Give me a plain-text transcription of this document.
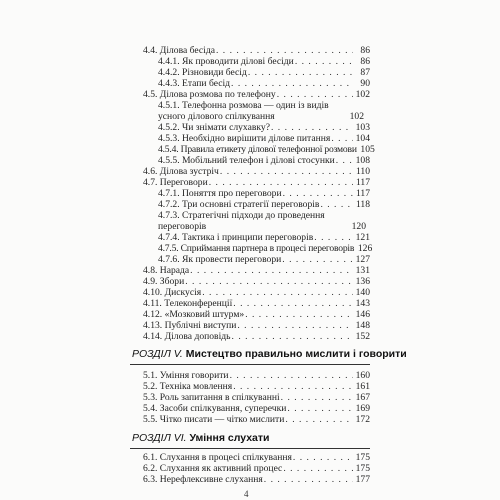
4.4. Ділова бесіда . . .	86
4.4.1. Як проводити ділові бесіди . . .	86
4.4.2. Різновиди бесід . . .	87
4.4.3. Етапи бесід . . .	90
4.5. Ділова розмова по телефону . . .	102
4.5.1. Телефонна розмова — один із видів усного ділового спілкування	102
4.5.2. Чи знімати слухавку? . . .	103
4.5.3. Необхідно вирішити ділове питання . . .	104
4.5.4. Правила етикету ділової телефонної розмови 105
4.5.5. Мобільний телефон і ділові стосунки . . . 108
4.6. Ділова зустріч . . .	110
4.7. Переговори . . .	117
4.7.1. Поняття про переговори . . .	117
4.7.2. Три основні стратегії переговорів . . .	118
4.7.3. Стратегічні підходи до проведення переговорів	120
4.7.4. Тактика і принципи переговорів . . .	121
4.7.5. Сприймання партнера в процесі переговорів 126
4.7.6. Як провести переговори . . .	127
4.8. Нарада . . .	131
4.9. Збори . . .	136
4.10. Дискусія . . .	140
4.11. Телеконференції . . .	143
4.12. «Мозковий штурм» . . .	146
4.13. Публічні виступи . . .	148
4.14. Ділова доповідь . . .	152
РОЗДІЛ V. Мистецтво правильно мислити і говорити
5.1. Уміння говорити . . .	160
5.2. Техніка мовлення . . .	161
5.3. Роль запитання в спілкуванні . . .	167
5.4. Засоби спілкування, суперечки . . .	169
5.5. Чітко писати — чітко мислити . . .	172
РОЗДІЛ VI. Уміння слухати
6.1. Слухання в процесі спілкування . . .	175
6.2. Слухання як активний процес . . .	175
6.3. Нерефлексивне слухання . . .	177
4
